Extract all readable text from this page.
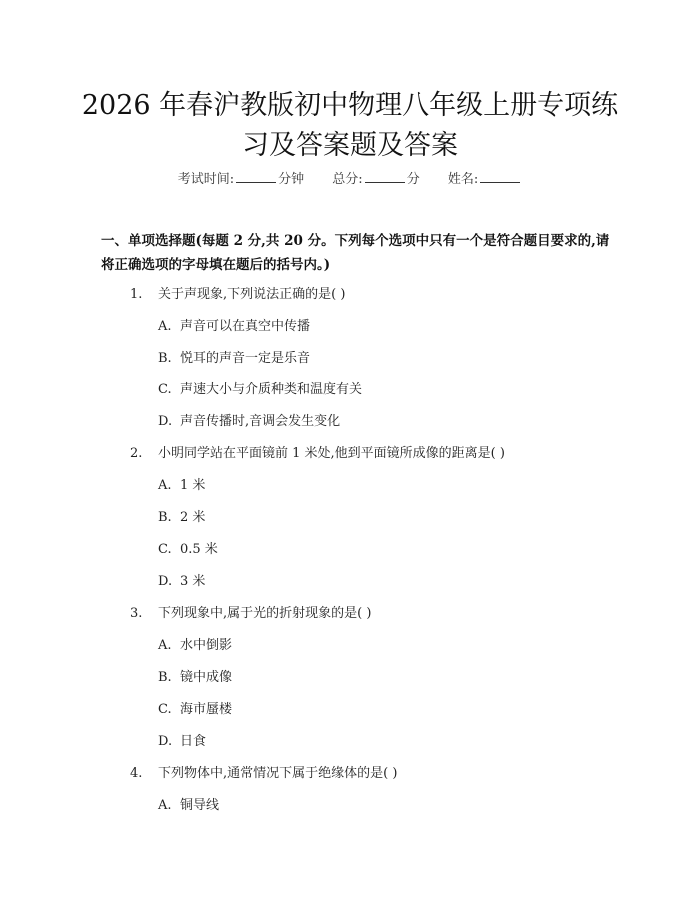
2026 年春沪教版初中物理八年级上册专项练
习及答案题及答案
考试时间:	分钟 总分:	分 姓名:
一、单项选择题(每题 2 分,共 20 分。下列每个选项中只有一个是符合题目要求的,请将正确选项的字母填在题后的括号内。)
1. 关于声现象,下列说法正确的是( )
A. 声音可以在真空中传播
B. 悦耳的声音一定是乐音
C. 声速大小与介质种类和温度有关
D. 声音传播时,音调会发生变化
2. 小明同学站在平面镜前 1 米处,他到平面镜所成像的距离是( )
A. 1 米
B. 2 米
C. 0.5 米
D. 3 米
3. 下列现象中,属于光的折射现象的是( )
A. 水中倒影
B. 镜中成像
C. 海市蜃楼
D. 日食
4. 下列物体中,通常情况下属于绝缘体的是( )
A. 铜导线
